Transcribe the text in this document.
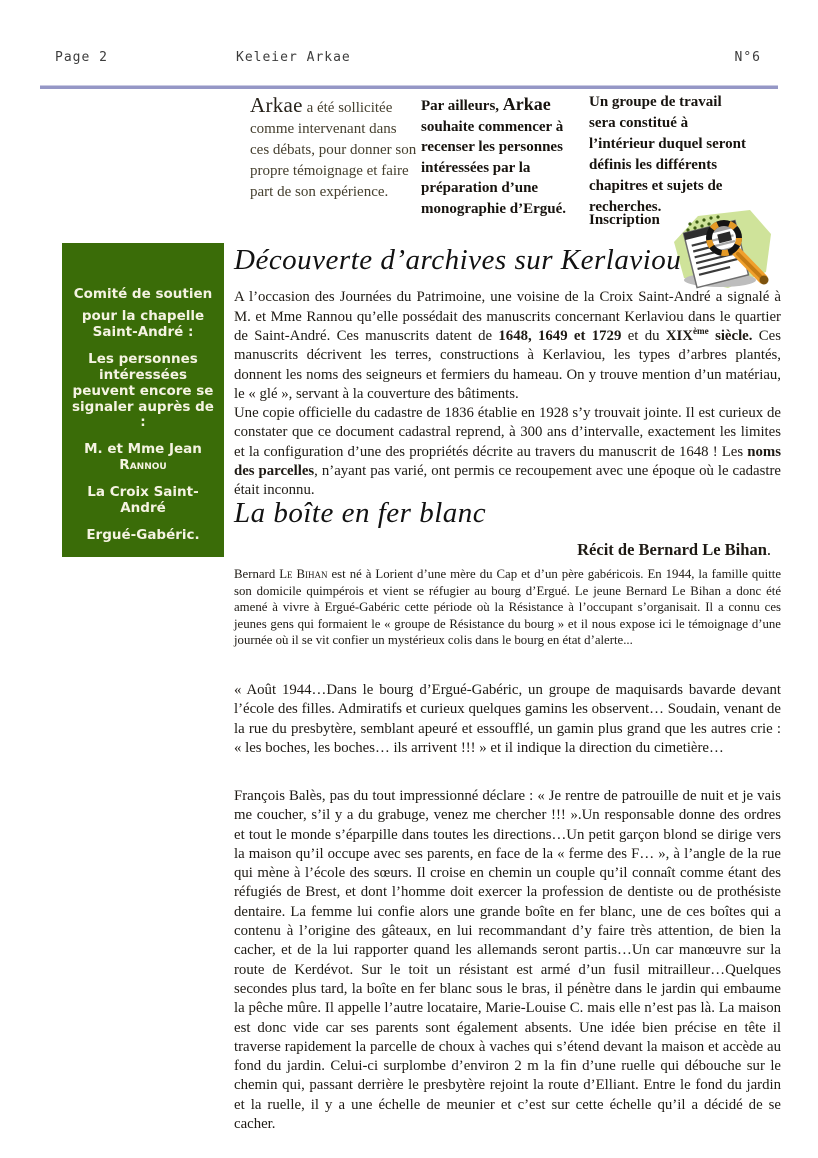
Page 2	Keleier Arkae	N°6
Arkae a été sollicitée comme intervenant dans ces débats, pour donner son propre témoignage et faire part de son expérience.
Par ailleurs, Arkae souhaite commencer à recenser les personnes intéressées par la préparation d’une monographie d’Ergué.
Un groupe de travail sera constitué à l’intérieur duquel seront définis les différents chapitres et sujets de recherches.
Inscription

Comité de soutien

pour la chapelle Saint-André :

Les personnes intéressées peuvent encore se signaler auprès de :

M. et Mme Jean Rannou

La Croix Saint-André

Ergué-Gabéric.

Découverte d’archives sur Kerlaviou

A l’occasion des Journées du Patrimoine, une voisine de la Croix Saint-André a signalé à M. et Mme Rannou qu’elle possédait des manuscrits concernant Kerlaviou dans le quartier de Saint-André. Ces manuscrits datent de 1648, 1649 et 1729 et du XIXème siècle. Ces manuscrits décrivent les terres, constructions à Kerlaviou, les types d’arbres plantés, donnent les noms des seigneurs et fermiers du hameau. On y trouve mention d’un matériau, le « glé », servant à la couverture des bâtiments.

Une copie officielle du cadastre de 1836 établie en 1928 s’y trouvait jointe. Il est curieux de constater que ce document cadastral reprend, à 300 ans d’intervalle, exactement les limites et la configuration d’une des propriétés décrite au travers du manuscrit de 1648 ! Les noms des parcelles, n’ayant pas varié, ont permis ce recoupement avec une époque où le cadastre était inconnu.

La boîte en fer blanc
Récit de Bernard Le Bihan.

Bernard Le Bihan est né à Lorient d’une mère du Cap et d’un père gabéricois. En 1944, la famille quitte son domicile quimpérois et vient se réfugier au bourg d’Ergué. Le jeune Bernard Le Bihan a donc été amené à vivre à Ergué-Gabéric cette période où la Résistance à l’occupant s’organisait. Il a connu ces jeunes gens qui formaient le « groupe de Résistance du bourg » et il nous expose ici le témoignage d’une journée où il se vit confier un mystérieux colis dans le bourg en état d’alerte...

« Août 1944…Dans le bourg d’Ergué-Gabéric, un groupe de maquisards bavarde devant l’école des filles. Admiratifs et curieux quelques gamins les observent… Soudain, venant de la rue du presbytère, semblant apeuré et essoufflé, un gamin plus grand que les autres crie : « les boches, les boches… ils arrivent !!! » et il indique la direction du cimetière…

François Balès, pas du tout impressionné déclare : « Je rentre de patrouille de nuit et je vais me coucher, s’il y a du grabuge, venez me chercher !!! ».Un responsable donne des ordres et tout le monde s’éparpille dans toutes les directions…Un petit garçon blond se dirige vers la maison qu’il occupe avec ses parents, en face de la « ferme des F… », à l’angle de la rue qui mène à l’école des sœurs. Il croise en chemin un couple qu’il connaît comme étant des réfugiés de Brest, et dont l’homme doit exercer la profession de dentiste ou de prothésiste dentaire. La femme lui confie alors une grande boîte en fer blanc, une de ces boîtes qui a contenu à l’origine des gâteaux, en lui recommandant d’y faire très attention, de bien la cacher, et de la lui rapporter quand les allemands seront partis…Un car manœuvre sur la route de Kerdévot. Sur le toit un résistant est armé d’un fusil mitrailleur…Quelques secondes plus tard, la boîte en fer blanc sous le bras, il pénètre dans le jardin qui embaume la pêche mûre. Il appelle l’autre locataire, Marie-Louise C. mais elle n’est pas là. La maison est donc vide car ses parents sont également absents. Une idée bien précise en tête il traverse rapidement la parcelle de choux à vaches qui s’étend devant la maison et accède au fond du jardin. Celui-ci surplombe d’environ 2 m la fin d’une ruelle qui débouche sur le chemin qui, passant derrière le presbytère rejoint la route d’Elliant. Entre le fond du jardin et la ruelle, il y a une échelle de meunier et c’est sur cette échelle qu’il a décidé de se cacher.
